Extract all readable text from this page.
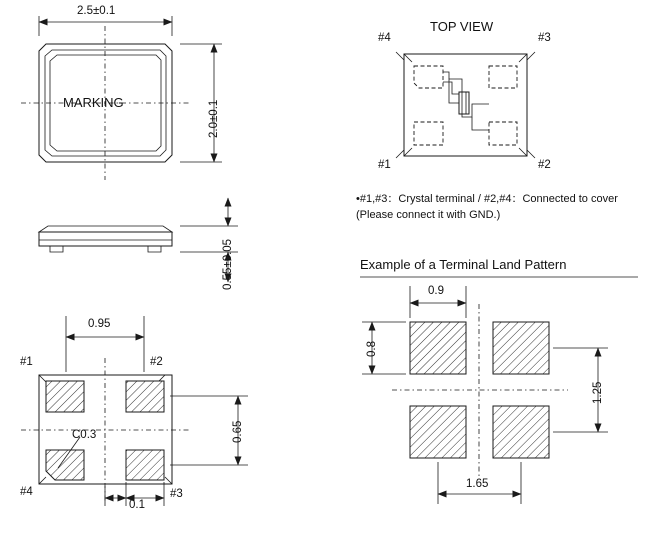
2.5±0.1
2.0±0.1
MARKING
0.55±0.05
0.95
0.65
0.1
C0.3
#1	#2
#3
#4
TOP VIEW
#4	#3
#1	#2
•#1,#3：Crystal terminal / #2,#4：Connected to cover
(Please connect it with GND.)
Example of a Terminal Land Pattern
0.9
0.8
1.25
1.65
